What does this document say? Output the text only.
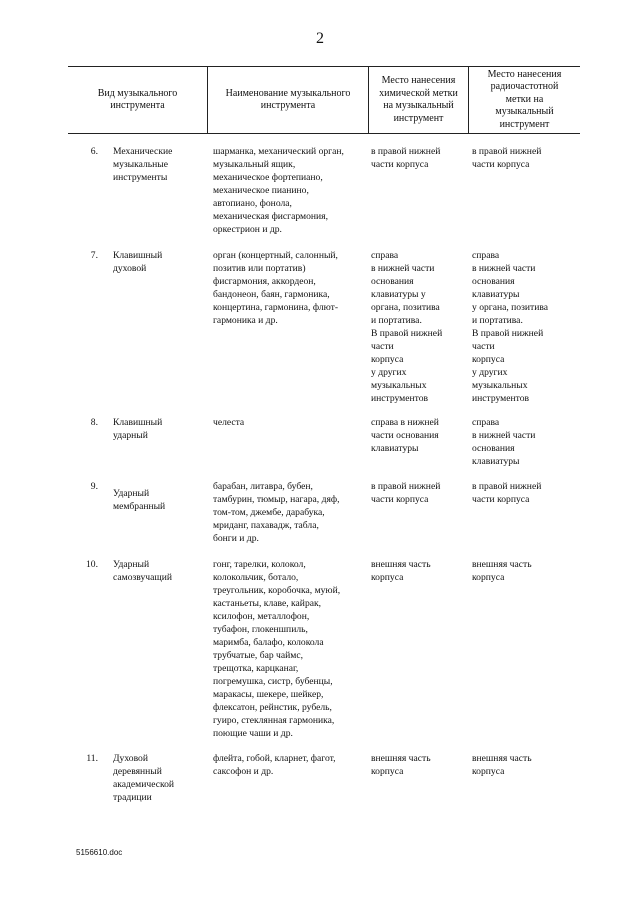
2
Вид музыкального
инструмента
Наименование музыкального
инструмента
Место нанесения
химической метки
на музыкальный
инструмент
Место нанесения
радиочастотной
метки на
музыкальный
инструмент
6. Механические
музыкальные
инструменты
шарманка, механический орган,
музыкальный ящик,
механическое фортепиано,
механическое пианино,
автопиано, фонола,
механическая фисгармония,
оркестрион и др.
в правой нижней
части корпуса
в правой нижней
части корпуса
7. Клавишный
духовой
орган (концертный, салонный,
позитив или портатив)
фисгармония, аккордеон,
бандонеон, баян, гармоника,
концертина, гармонина, флют-
гармоника и др.
справа
в нижней части
основания
клавиатуры у
органа, позитива
и портатива.
В правой нижней
части
корпуса
у других
музыкальных
инструментов
справа
в нижней части
основания
клавиатуры
у органа, позитива
и портатива.
В правой нижней
части
корпуса
у других
музыкальных
инструментов
8. Клавишный
ударный
челеста	справа в нижней
части основания
клавиатуры
справа
в нижней части
основания
клавиатуры
9.
Ударный
мембранный
барабан, литавра, бубен,
тамбурин, тюмыр, нагара, дяф,
том-том, джембе, дарабука,
мриданг, пахавадж, табла,
бонги и др.
в правой нижней
части корпуса
в правой нижней
части корпуса
10. Ударный
самозвучащий
гонг, тарелки, колокол,
колокольчик, ботало,
треугольник, коробочка, муюй,
кастаньеты, клаве, кайрак,
ксилофон, металлофон,
тубафон, глокеншпиль,
маримба, балафо, колокола
трубчатые, бар чаймс,
трещотка, карцканаг,
погремушка, систр, бубенцы,
маракасы, шекере, шейкер,
флексатон, рейнстик, рубель,
гуиро, стеклянная гармоника,
поющие чаши и др.
внешняя часть
корпуса
внешняя часть
корпуса
11. Духовой
деревянный
академической
традиции
флейта, гобой, кларнет, фагот,
саксофон и др.
внешняя часть
корпуса
внешняя часть
корпуса
5156610.doc
